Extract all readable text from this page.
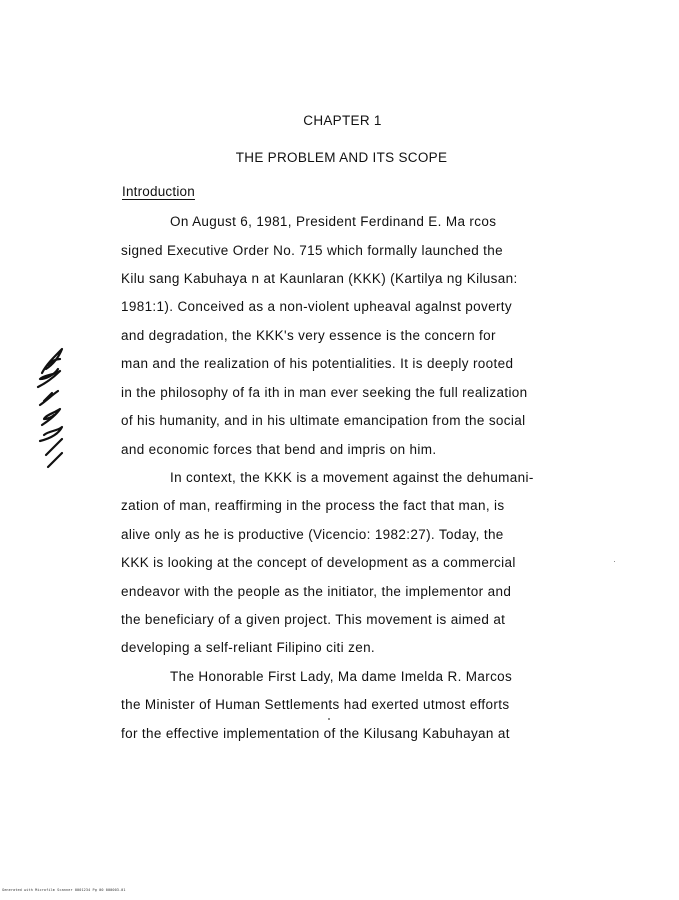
CHAPTER 1
THE PROBLEM AND ITS SCOPE
Introduction
On August 6, 1981, President Ferdinand E. Ma rcos
signed Executive Order No. 715 which formally launched the
Kilu sang Kabuhaya n at Kaunlaran (KKK) (Kartilya ng Kilusan:
1981:1). Conceived as a non-violent upheaval agalnst poverty
and degradation, the KKK's very essence is the concern for
man and the realization of his potentialities. It is deeply rooted
in the philosophy of fa ith in man ever seeking the full realization
of his humanity, and in his ultimate emancipation from the social
and economic forces that bend and impris on him.
In context, the KKK is a movement against the dehumani-
zation of man, reaffirming in the process the fact that man, is
alive only as he is productive (Vicencio: 1982:27). Today, the
KKK is looking at the concept of development as a commercial
endeavor with the people as the initiator, the implementor and
the beneficiary of a given project. This movement is aimed at
developing a self-reliant Filipino citi zen.
The Honorable First Lady, Ma dame Imelda R. Marcos
the Minister of Human Settlements had exerted utmost efforts
for the effective implementation of the Kilusang Kabuhayan at
Generated with Microfilm Scanner 0001234 Pg 00 000003-01
